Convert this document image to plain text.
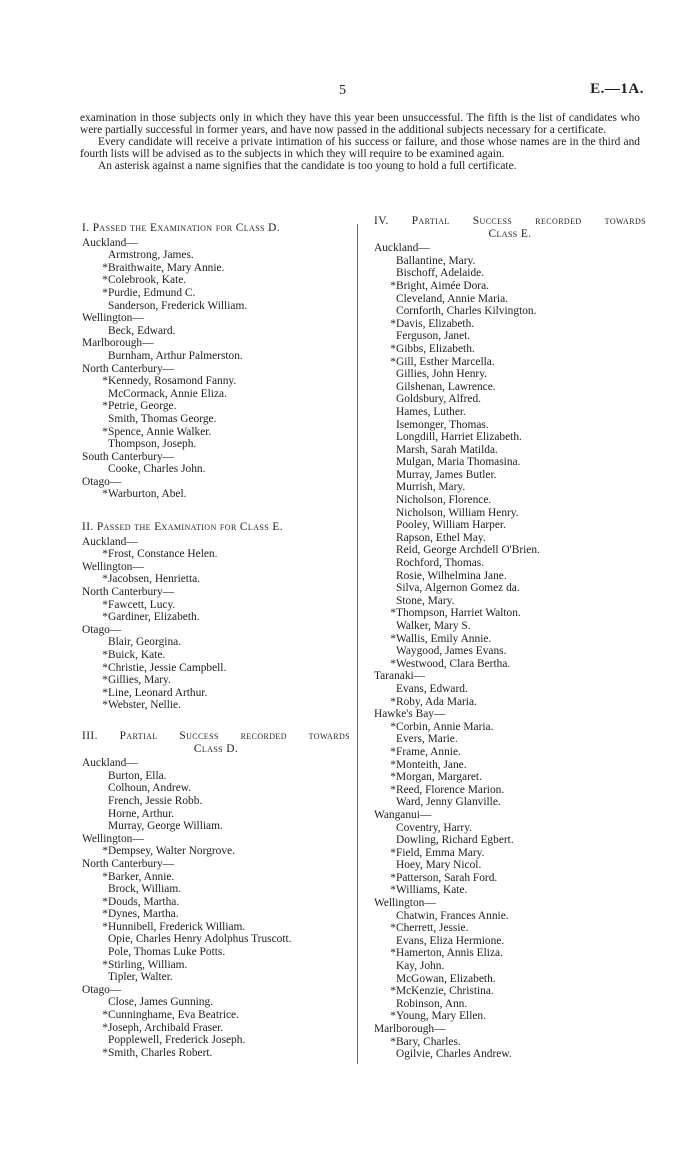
5	E.—1A.

examination in those subjects only in which they have this year been unsuccessful. The fifth is the list of candidates who were partially successful in former years, and have now passed in the additional subjects necessary for a certificate.

Every candidate will receive a private intimation of his success or failure, and those whose names are in the third and fourth lists will be advised as to the subjects in which they will require to be examined again.

An asterisk against a name signifies that the candidate is too young to hold a full certificate.

I. Passed the Examination for Class D.
Auckland—
Armstrong, James.
* Braithwaite, Mary Annie.
* Colebrook, Kate.
* Purdie, Edmund C.
Sanderson, Frederick William.
Wellington—
Beck, Edward.
Marlborough—
Burnham, Arthur Palmerston.
North Canterbury—
* Kennedy, Rosamond Fanny.
McCormack, Annie Eliza.
* Petrie, George.
Smith, Thomas George.
* Spence, Annie Walker.
Thompson, Joseph.
South Canterbury—
Cooke, Charles John.
Otago—
* Warburton, Abel.
II. Passed the Examination for Class E.
Auckland—
* Frost, Constance Helen.
Wellington—
* Jacobsen, Henrietta.
North Canterbury—
* Fawcett, Lucy.
* Gardiner, Elizabeth.
Otago—
Blair, Georgina.
* Buick, Kate.
* Christie, Jessie Campbell.
* Gillies, Mary.
* Line, Leonard Arthur.
* Webster, Nellie.
III. Partial Success recorded towards
Class D.
Auckland—
Burton, Ella.
Colhoun, Andrew.
French, Jessie Robb.
Horne, Arthur.
Murray, George William.
Wellington—
* Dempsey, Walter Norgrove.
North Canterbury—
* Barker, Annie.
Brock, William.
* Douds, Martha.
* Dynes, Martha.
* Hunnibell, Frederick William.
Opie, Charles Henry Adolphus Truscott.
Pole, Thomas Luke Potts.
* Stirling, William.
Tipler, Walter.
Otago—
Close, James Gunning.
* Cunninghame, Eva Beatrice.
* Joseph, Archibald Fraser.
Popplewell, Frederick Joseph.
* Smith, Charles Robert.
IV. Partial Success recorded towards
Class E.
Auckland—
Ballantine, Mary.
Bischoff, Adelaide.
* Bright, Aimée Dora.
Cleveland, Annie Maria.
Cornforth, Charles Kilvington.
* Davis, Elizabeth.
Ferguson, Janet.
* Gibbs, Elizabeth.
* Gill, Esther Marcella.
Gillies, John Henry.
Gilshenan, Lawrence.
Goldsbury, Alfred.
Hames, Luther.
Isemonger, Thomas.
Longdill, Harriet Elizabeth.
Marsh, Sarah Matilda.
Mulgan, Maria Thomasina.
Murray, James Butler.
Murrish, Mary.
Nicholson, Florence.
Nicholson, William Henry.
Pooley, William Harper.
Rapson, Ethel May.
Reid, George Archdell O'Brien.
Rochford, Thomas.
Rosie, Wilhelmina Jane.
Silva, Algernon Gomez da.
Stone, Mary.
* Thompson, Harriet Walton.
Walker, Mary S.
* Wallis, Emily Annie.
Waygood, James Evans.
* Westwood, Clara Bertha.
Taranaki—
Evans, Edward.
* Roby, Ada Maria.
Hawke's Bay—
* Corbin, Annie Maria.
Evers, Marie.
* Frame, Annie.
* Monteith, Jane.
* Morgan, Margaret.
* Reed, Florence Marion.
Ward, Jenny Glanville.
Wanganui—
Coventry, Harry.
Dowling, Richard Egbert.
* Field, Emma Mary.
Hoey, Mary Nicol.
* Patterson, Sarah Ford.
* Williams, Kate.
Wellington—
Chatwin, Frances Annie.
* Cherrett, Jessie.
Evans, Eliza Hermione.
* Hamerton, Annis Eliza.
Kay, John.
McGowan, Elizabeth.
* McKenzie, Christina.
Robinson, Ann.
* Young, Mary Ellen.
Marlborough—
* Bary, Charles.
Ogilvie, Charles Andrew.
